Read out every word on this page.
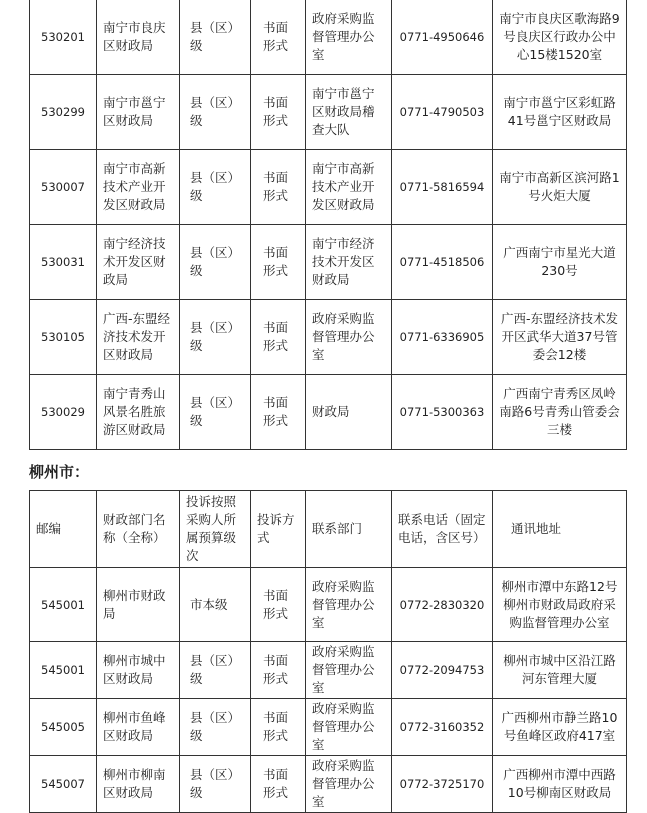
530201	南宁市良庆区财政局	县（区）级	书面形式	政府采购监督管理办公室	0771-4950646	南宁市良庆区歌海路9号良庆区行政办公中心15楼1520室
530299	南宁市邕宁区财政局	县（区）级	书面形式	南宁市邕宁区财政局稽查大队	0771-4790503	南宁市邕宁区彩虹路41号邕宁区财政局
530007	南宁市高新技术产业开发区财政局	县（区）级	书面形式	南宁市高新技术产业开发区财政局	0771-5816594	南宁市高新区滨河路1号火炬大厦
530031	南宁经济技术开发区财政局	县（区）级	书面形式	南宁市经济技术开发区财政局	0771-4518506	广西南宁市星光大道230号
530105	广西-东盟经济技术发开区财政局	县（区）级	书面形式	政府采购监督管理办公室	0771-6336905	广西-东盟经济技术发开区武华大道37号管委会12楼
530029	南宁青秀山风景名胜旅游区财政局	县（区）级	书面形式	财政局	0771-5300363	广西南宁青秀区凤岭南路6号青秀山管委会三楼
柳州市：
邮编	财政部门名称（全称）	投诉按照采购人所属预算级次	投诉方式	联系部门	联系电话（固定电话，含区号）	通讯地址
545001	柳州市财政局	市本级	书面形式	政府采购监督管理办公室	0772-2830320	柳州市潭中东路12号柳州市财政局政府采购监督管理办公室
545001	柳州市城中区财政局	县（区）级	书面形式	政府采购监督管理办公室	0772-2094753	柳州市城中区沿江路河东管理大厦
545005	柳州市鱼峰区财政局	县（区）级	书面形式	政府采购监督管理办公室	0772-3160352	广西柳州市静兰路10号鱼峰区政府417室
545007	柳州市柳南区财政局	县（区）级	书面形式	政府采购监督管理办公室	0772-3725170	广西柳州市潭中西路10号柳南区财政局
